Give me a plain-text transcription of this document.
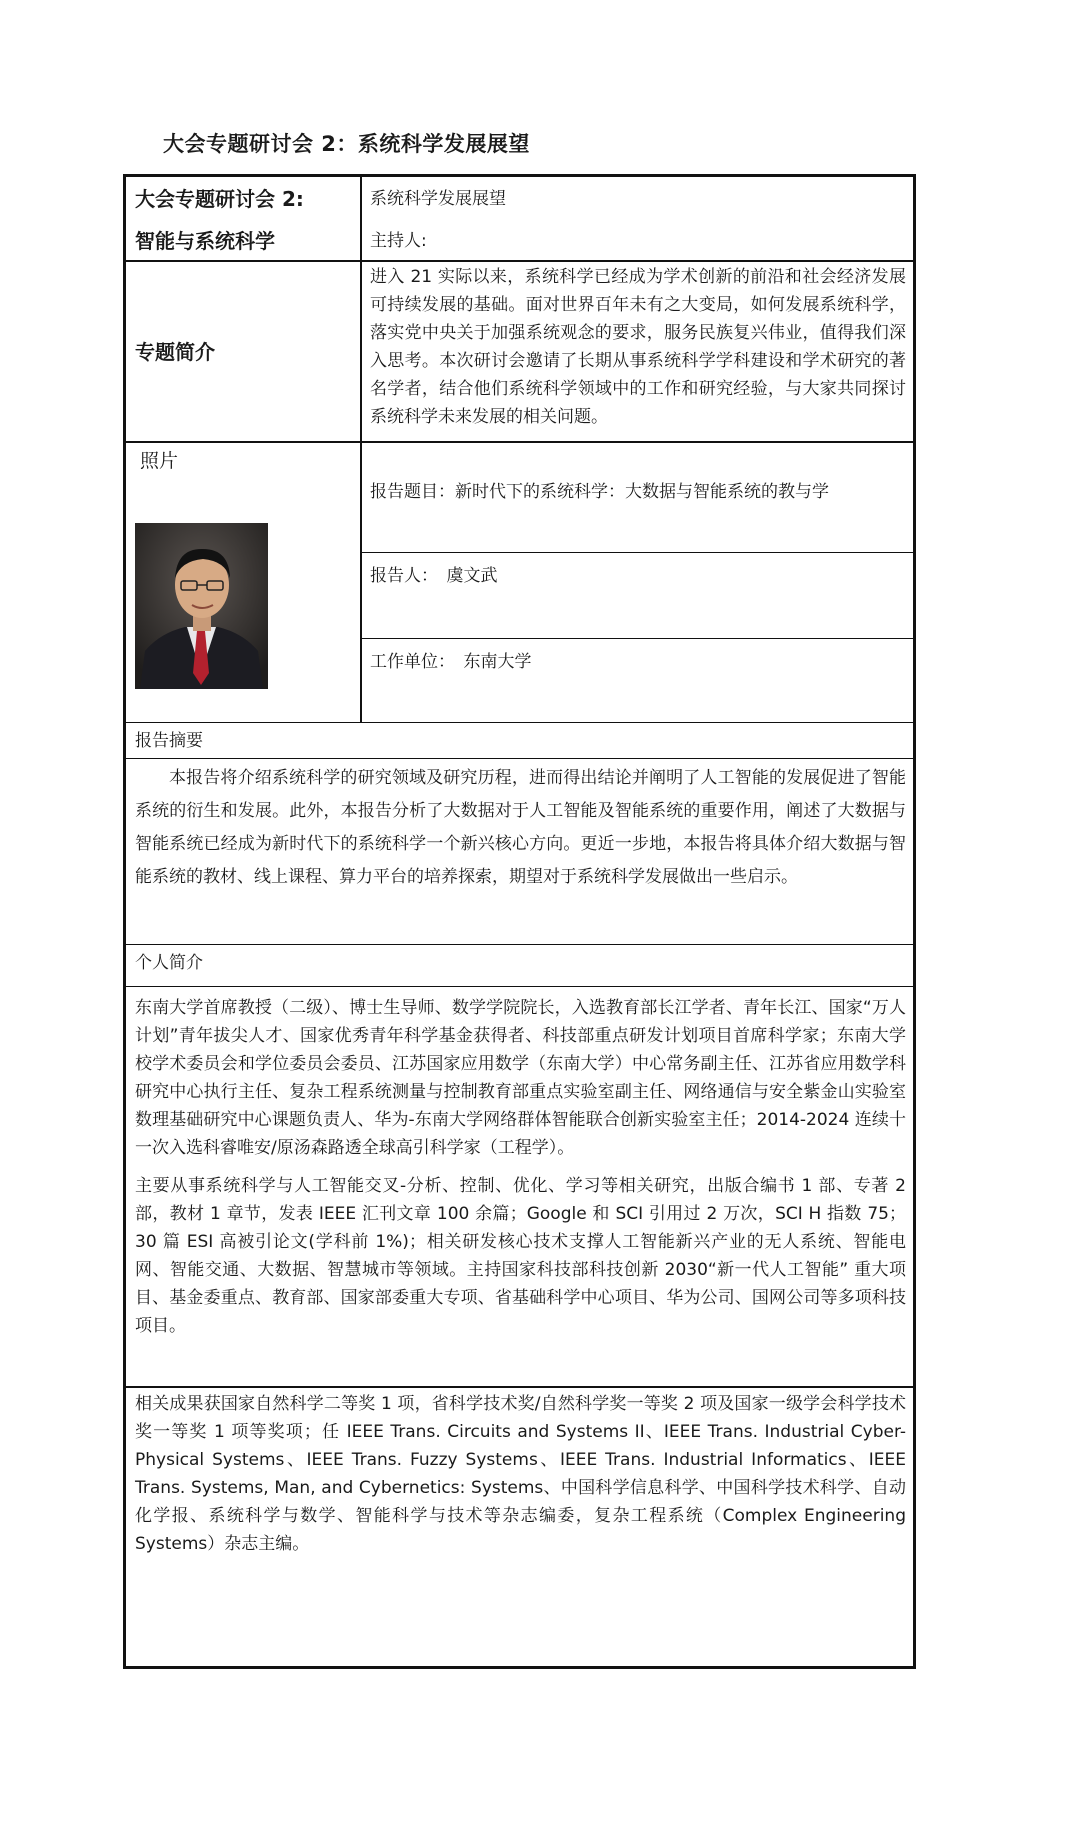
大会专题研讨会 2：系统科学发展展望
大会专题研讨会 2:
智能与系统科学
系统科学发展展望
主持人:
专题简介

进入 21 实际以来，系统科学已经成为学术创新的前沿和社会经济发展可持续发展的基础。面对世界百年未有之大变局，如何发展系统科学，落实党中央关于加强系统观念的要求，服务民族复兴伟业，值得我们深入思考。本次研讨会邀请了长期从事系统科学学科建设和学术研究的著名学者，结合他们系统科学领域中的工作和研究经验，与大家共同探讨系统科学未来发展的相关问题。

照片
报告题目：新时代下的系统科学：大数据与智能系统的教与学
报告人：　虞文武
工作单位：　东南大学
报告摘要

本报告将介绍系统科学的研究领域及研究历程，进而得出结论并阐明了人工智能的发展促进了智能系统的衍生和发展。此外，本报告分析了大数据对于人工智能及智能系统的重要作用，阐述了大数据与智能系统已经成为新时代下的系统科学一个新兴核心方向。更近一步地，本报告将具体介绍大数据与智能系统的教材、线上课程、算力平台的培养探索，期望对于系统科学发展做出一些启示。

个人简介

东南大学首席教授（二级）、博士生导师、数学学院院长，入选教育部长江学者、青年长江、国家“万人计划”青年拔尖人才、国家优秀青年科学基金获得者、科技部重点研发计划项目首席科学家；东南大学校学术委员会和学位委员会委员、江苏国家应用数学（东南大学）中心常务副主任、江苏省应用数学科研究中心执行主任、复杂工程系统测量与控制教育部重点实验室副主任、网络通信与安全紫金山实验室数理基础研究中心课题负责人、华为-东南大学网络群体智能联合创新实验室主任；2014-2024 连续十一次入选科睿唯安/原汤森路透全球高引科学家（工程学）。

主要从事系统科学与人工智能交叉-分析、控制、优化、学习等相关研究，出版合编书 1 部、专著 2 部，教材 1 章节，发表 IEEE 汇刊文章 100 余篇；Google 和 SCI 引用过 2 万次，SCI H 指数 75；30 篇 ESI 高被引论文(学科前 1%)；相关研发核心技术支撑人工智能新兴产业的无人系统、智能电网、智能交通、大数据、智慧城市等领域。主持国家科技部科技创新 2030“新一代人工智能” 重大项目、基金委重点、教育部、国家部委重大专项、省基础科学中心项目、华为公司、国网公司等多项科技项目。

相关成果获国家自然科学二等奖 1 项，省科学技术奖/自然科学奖一等奖 2 项及国家一级学会科学技术奖一等奖 1 项等奖项；任 IEEE Trans. Circuits and Systems II、IEEE Trans. Industrial Cyber-Physical Systems、IEEE Trans. Fuzzy Systems、IEEE Trans. Industrial Informatics、IEEE Trans. Systems, Man, and Cybernetics: Systems、中国科学信息科学、中国科学技术科学、自动化学报、系统科学与数学、智能科学与技术等杂志编委，复杂工程系统（Complex Engineering Systems）杂志主编。
